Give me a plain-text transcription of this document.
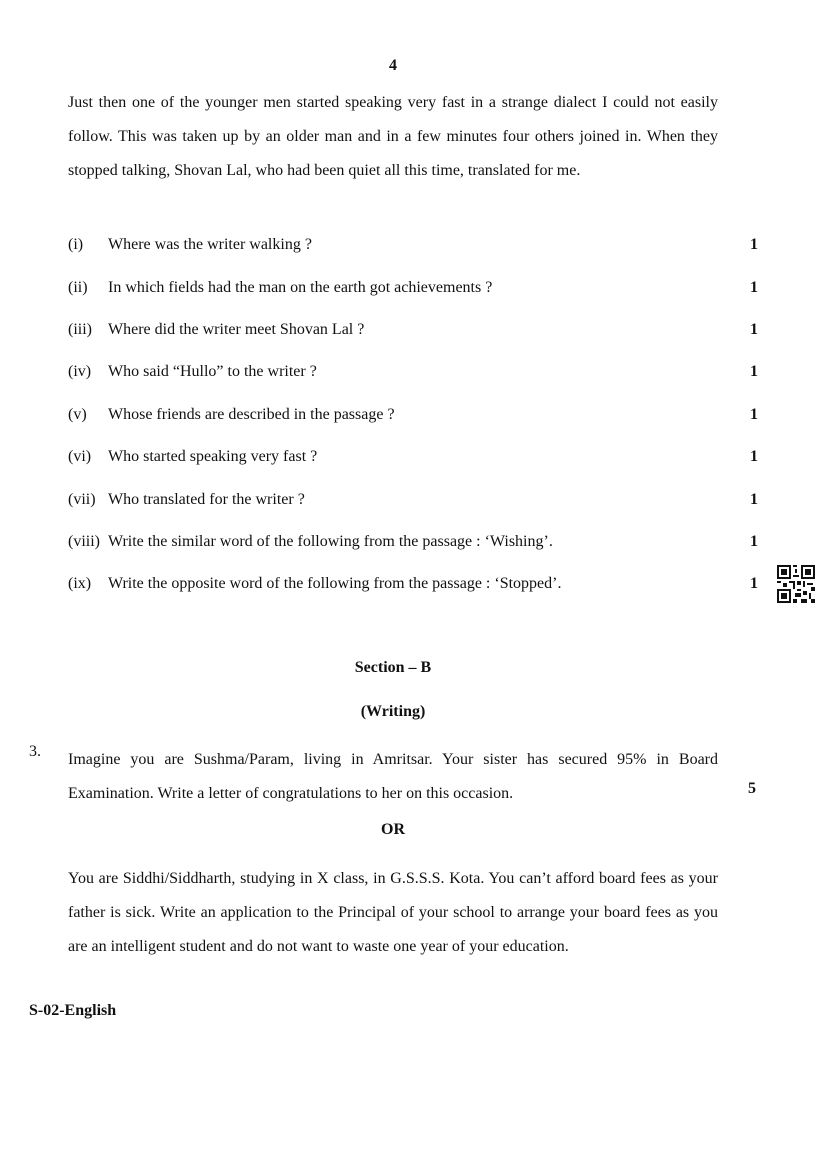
4
Just then one of the younger men started speaking very fast in a strange dialect I could not easily follow. This was taken up by an older man and in a few minutes four others joined in. When they stopped talking, Shovan Lal, who had been quiet all this time, translated for me.
(i) Where was the writer walking ?	1
(ii) In which fields had the man on the earth got achievements ?	1
(iii) Where did the writer meet Shovan Lal ?	1
(iv) Who said “Hullo” to the writer ?	1
(v) Whose friends are described in the passage ?	1
(vi) Who started speaking very fast ?	1
(vii) Who translated for the writer ?	1
(viii) Write the similar word of the following from the passage : ‘Wishing’.	1
(ix) Write the opposite word of the following from the passage : ‘Stopped’.	1
Section – B
(Writing)
3. Imagine you are Sushma/Param, living in Amritsar. Your sister has secured 95% in Board Examination. Write a letter of congratulations to her on this occasion.	5
OR
You are Siddhi/Siddharth, studying in X class, in G.S.S.S. Kota. You can’t afford board fees as your father is sick. Write an application to the Principal of your school to arrange your board fees as you are an intelligent student and do not want to waste one year of your education.
S-02-English
